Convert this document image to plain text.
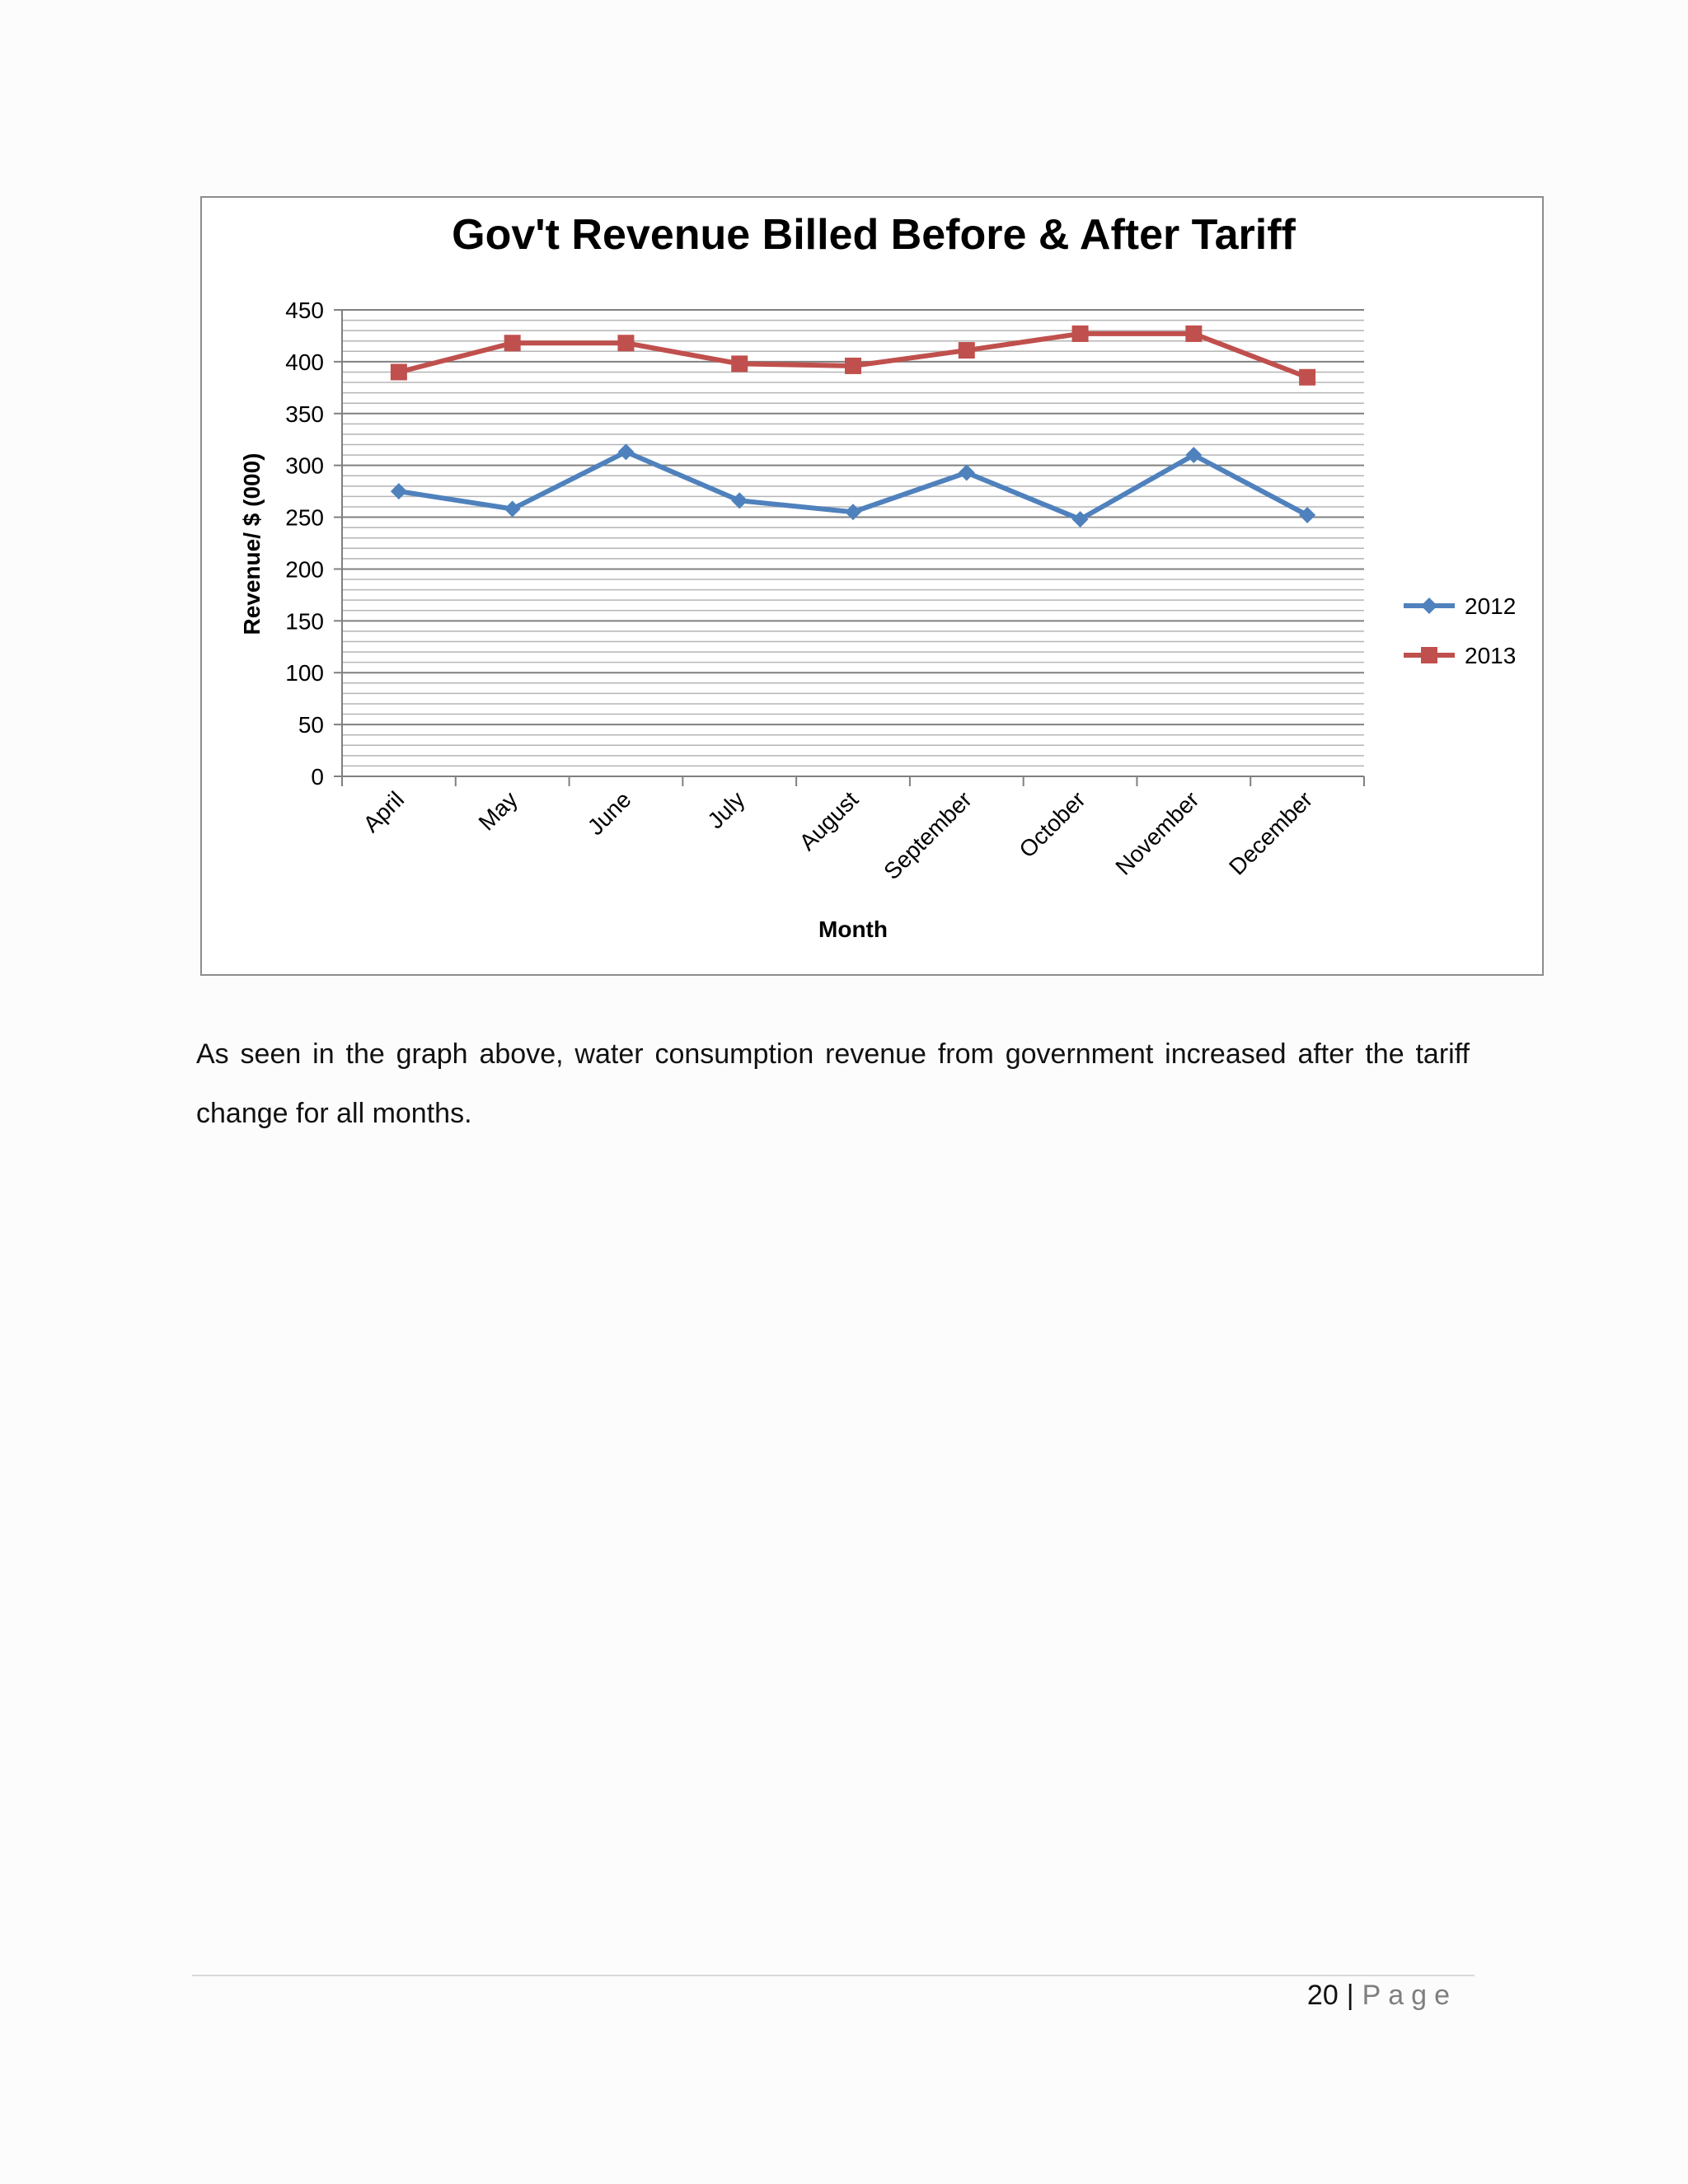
Gov't Revenue Billed Before & After Tariff
Month
Revenue/ $ (000)
0
50
100
150
200
250
300
350
400
450
April	May	June	July August September October November December
2012
2013

As seen in the graph above, water consumption revenue from government increased after the tariff change for all months.

20 | Page
